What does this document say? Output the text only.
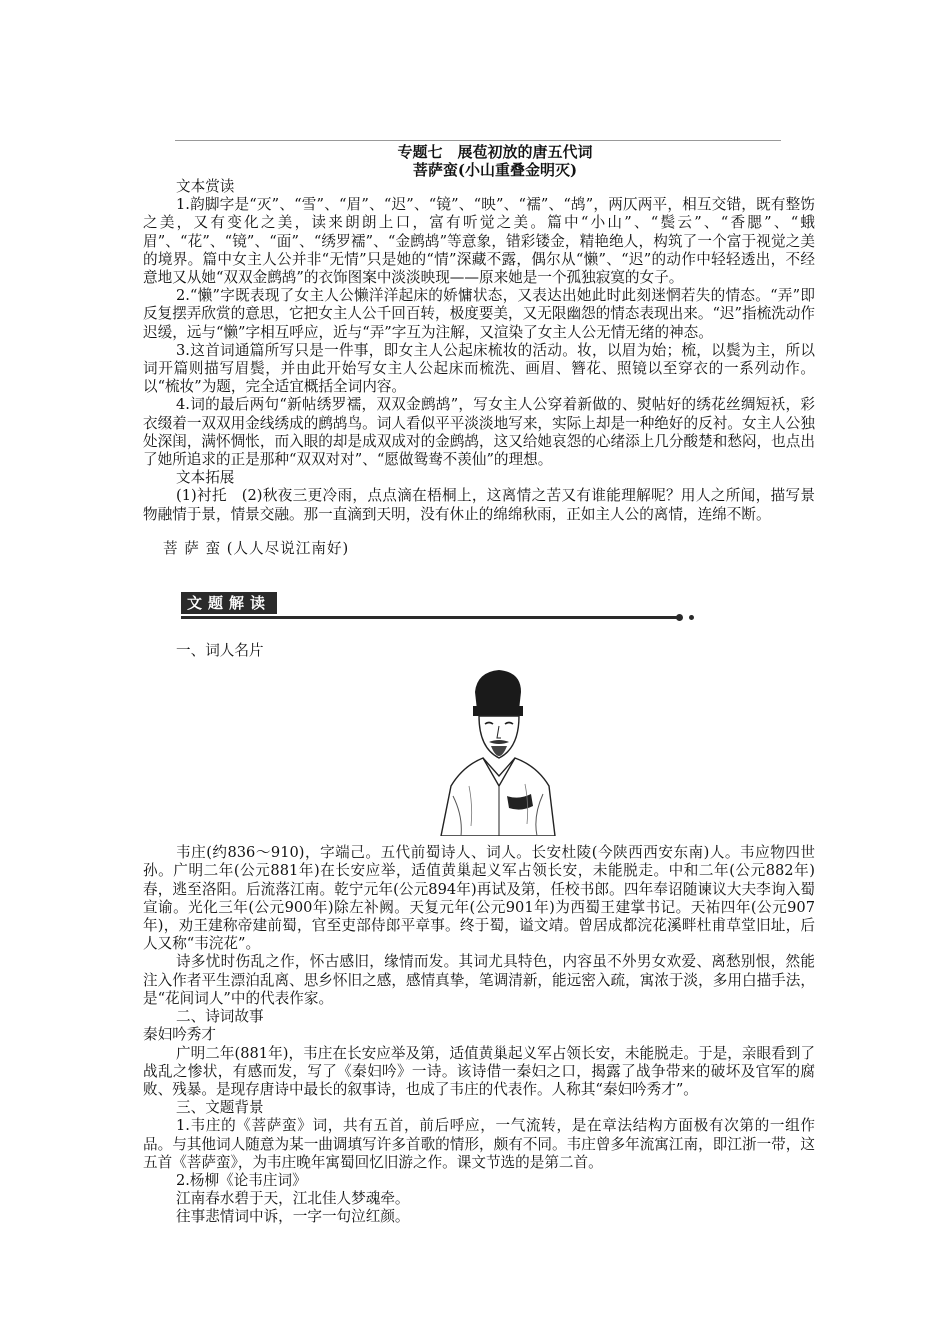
专题七　展苞初放的唐五代词
菩萨蛮(小山重叠金明灭)

文本赏读

1.韵脚字是“灭”、“雪”、“眉”、“迟”、“镜”、“映”、“襦”、“鸪”，两仄两平，相互交错，既有整饬之美，又有变化之美，读来朗朗上口，富有听觉之美。篇中“小山”、“鬓云”、“香腮”、“蛾眉”、“花”、“镜”、“面”、“绣罗襦”、“金鹧鸪”等意象，错彩镂金，精艳绝人，构筑了一个富于视觉之美的境界。篇中女主人公并非“无情”只是她的“情”深藏不露，偶尔从“懒”、“迟”的动作中轻轻透出，不经意地又从她“双双金鹧鸪”的衣饰图案中淡淡映现——原来她是一个孤独寂寞的女子。

2.“懒”字既表现了女主人公懒洋洋起床的娇慵状态，又表达出她此时此刻迷惘若失的情态。“弄”即反复摆弄欣赏的意思，它把女主人公千回百转，极度要美，又无限幽怨的情态表现出来。“迟”指梳洗动作迟缓，远与“懒”字相互呼应，近与“弄”字互为注解，又渲染了女主人公无情无绪的神态。

3.这首词通篇所写只是一件事，即女主人公起床梳妆的活动。妆，以眉为始；梳，以鬓为主，所以词开篇则描写眉鬓，并由此开始写女主人公起床而梳洗、画眉、簪花、照镜以至穿衣的一系列动作。以“梳妆”为题，完全适宜概括全词内容。

4.词的最后两句“新帖绣罗襦，双双金鹧鸪”，写女主人公穿着新做的、熨帖好的绣花丝绸短袄，彩衣缀着一双双用金线绣成的鹧鸪鸟。词人看似平平淡淡地写来，实际上却是一种绝好的反衬。女主人公独处深闺，满怀惆怅，而入眼的却是成双成对的金鹧鸪，这又给她哀怨的心绪添上几分酸楚和愁闷，也点出了她所追求的正是那种“双双对对”、“愿做鸳鸯不羡仙”的理想。

文本拓展

(1)衬托　(2)秋夜三更冷雨，点点滴在梧桐上，这离情之苦又有谁能理解呢？用人之所闻，描写景物融情于景，情景交融。那一直滴到天明，没有休止的绵绵秋雨，正如主人公的离情，连绵不断。

菩 萨 蛮 (人人尽说江南好)

文题解读

一、词人名片

韦庄(约836～910)，字端己。五代前蜀诗人、词人。长安杜陵(今陕西西安东南)人。韦应物四世孙。广明二年(公元881年)在长安应举，适值黄巢起义军占领长安，未能脱走。中和二年(公元882年)春，逃至洛阳。后流落江南。乾宁元年(公元894年)再试及第，任校书郎。四年奉诏随谏议大夫李询入蜀宣谕。光化三年(公元900年)除左补阙。天复元年(公元901年)为西蜀王建掌书记。天祐四年(公元907年)，劝王建称帝建前蜀，官至吏部侍郎平章事。终于蜀，谥文靖。曾居成都浣花溪畔杜甫草堂旧址，后人又称“韦浣花”。

诗多忧时伤乱之作，怀古感旧，缘情而发。其词尤具特色，内容虽不外男女欢爱、离愁别恨，然能注入作者平生漂泊乱离、思乡怀旧之感，感情真挚，笔调清新，能远密入疏，寓浓于淡，多用白描手法，是“花间词人”中的代表作家。

二、诗词故事

秦妇吟秀才

广明二年(881年)，韦庄在长安应举及第，适值黄巢起义军占领长安，未能脱走。于是，亲眼看到了战乱之惨状，有感而发，写了《秦妇吟》一诗。该诗借一秦妇之口，揭露了战争带来的破坏及官军的腐败、残暴。是现存唐诗中最长的叙事诗，也成了韦庄的代表作。人称其“秦妇吟秀才”。

三、文题背景

1.韦庄的《菩萨蛮》词，共有五首，前后呼应，一气流转，是在章法结构方面极有次第的一组作品。与其他词人随意为某一曲调填写许多首歌的情形，颇有不同。韦庄曾多年流寓江南，即江浙一带，这五首《菩萨蛮》，为韦庄晚年寓蜀回忆旧游之作。课文节选的是第二首。

2.杨柳《论韦庄词》

江南春水碧于天，江北佳人梦魂牵。

往事悲情词中诉，一字一句泣红颜。
